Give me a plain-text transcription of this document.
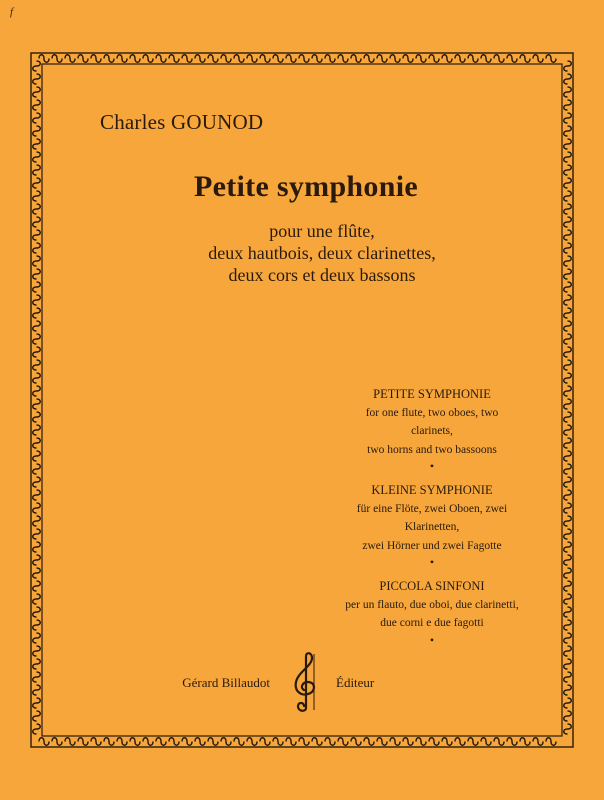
f
Charles GOUNOD
Petite symphonie
pour une flûte,
deux hautbois, deux clarinettes,
deux cors et deux bassons
PETITE SYMPHONIE
for one flute, two oboes, two clarinets,
two horns and two bassoons
•
KLEINE SYMPHONIE
für eine Flöte, zwei Oboen, zwei Klarinetten,
zwei Hörner und zwei Fagotte
•
PICCOLA SINFONI
per un flauto, due oboi, due clarinetti,
due corni e due fagotti
•
Gérard Billaudot	Éditeur
